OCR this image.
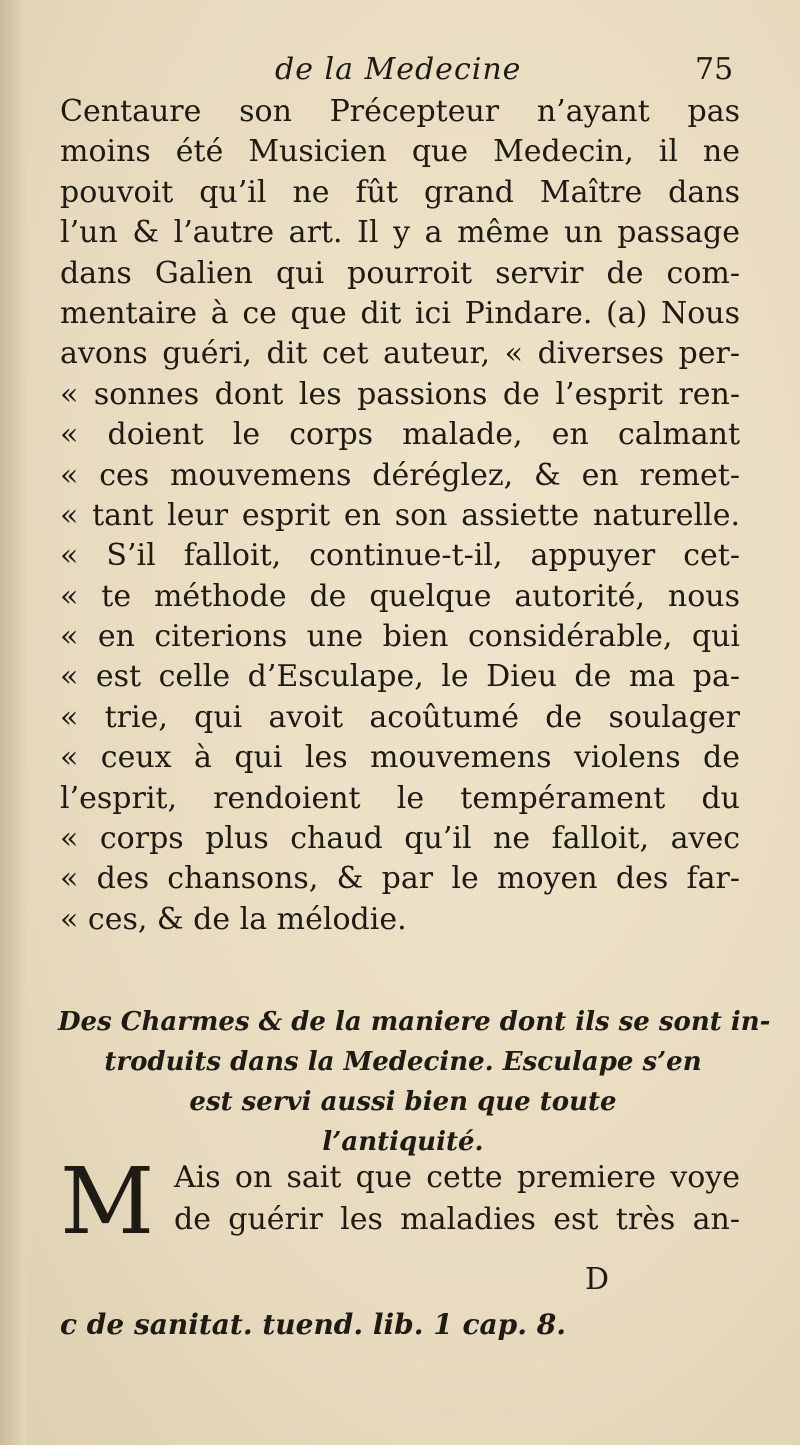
de la Medecine	75
Centaure son Précepteur n’ayant pas
moins été Musicien que Medecin, il ne
pouvoit qu’il ne fût grand Maître dans
l’un & l’autre art. Il y a même un passage
dans Galien qui pourroit servir de com-
mentaire à ce que dit ici Pindare. (a) Nous
avons guéri, dit cet auteur, « diverses per-
« sonnes dont les passions de l’esprit ren-
« doient le corps malade, en calmant
« ces mouvemens déréglez, & en remet-
« tant leur esprit en son assiette naturelle.
« S’il falloit, continue-t-il, appuyer cet-
« te méthode de quelque autorité, nous
« en citerions une bien considérable, qui
« est celle d’Esculape, le Dieu de ma pa-
« trie, qui avoit acoûtumé de soulager
« ceux à qui les mouvemens violens de
l’esprit, rendoient le tempérament du
« corps plus chaud qu’il ne falloit, avec
« des chansons, & par le moyen des far-
« ces, & de la mélodie.
Des Charmes & de la maniere dont ils se sont in-
troduits dans la Medecine. Esculape s’en
est servi aussi bien que toute
l’antiquité.
M Ais on sait que cette premiere voye
de guérir les maladies est très an-
D
c de sanitat. tuend. lib. 1 cap. 8.
